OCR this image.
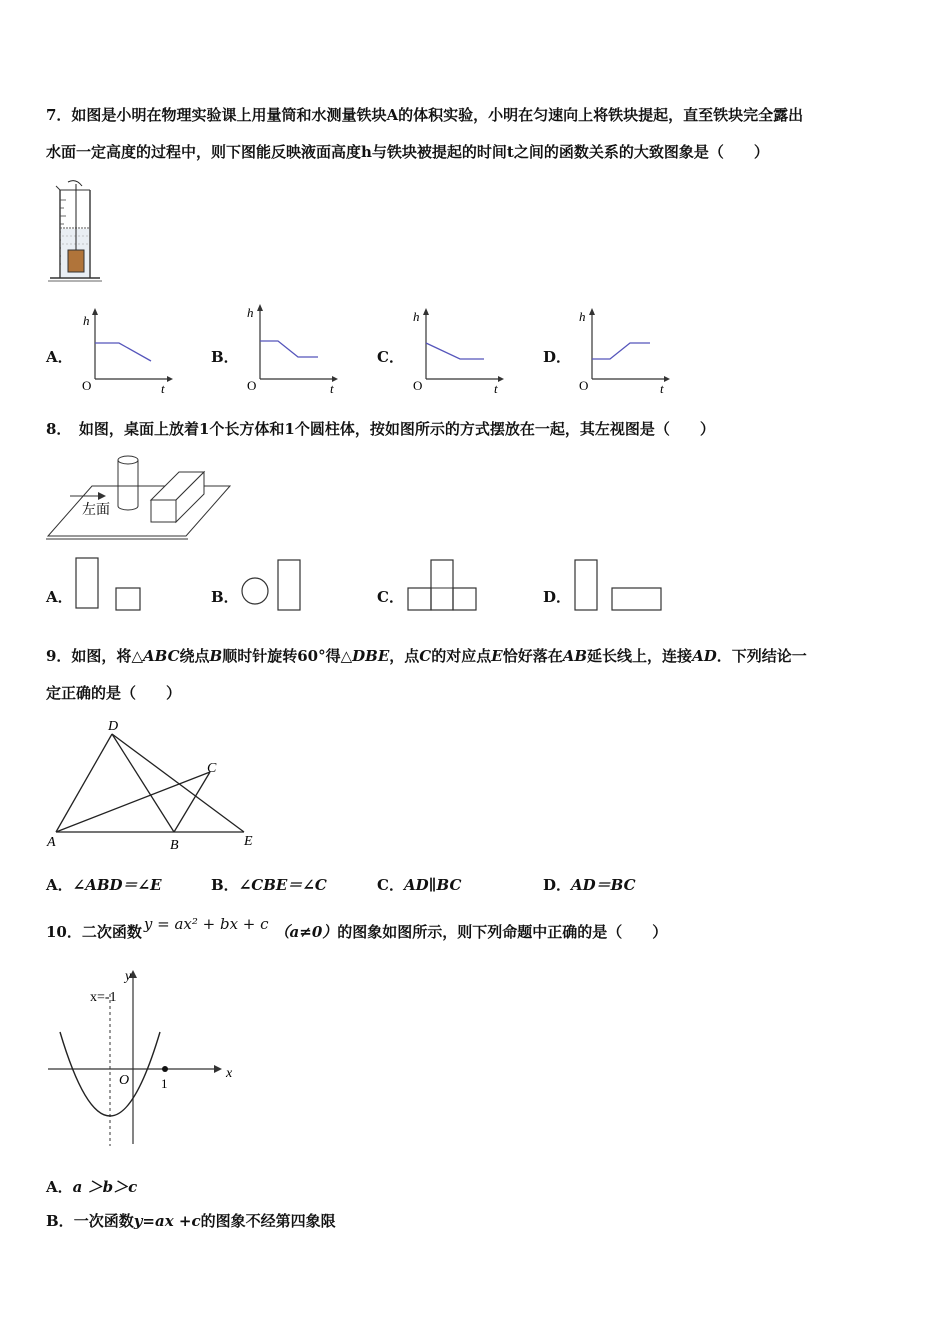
7．如图是小明在物理实验课上用量筒和水测量铁块A的体积实验，小明在匀速向上将铁块提起，直至铁块完全露出
水面一定高度的过程中，则下图能反映液面高度h与铁块被提起的时间t之间的函数关系的大致图象是（　　）
A．	B．	C．	D．
h
O	t
h
O	t
h
O	t
h
O	t
8．　如图，桌面上放着1个长方体和1个圆柱体，按如图所示的方式摆放在一起，其左视图是（　　）
左面
A．	B．	C．	D．
9．如图，将△ABC绕点B顺时针旋转60°得△DBE，点C的对应点E恰好落在AB延长线上，连接AD．下列结论一
定正确的是（　　）
A	B
C
D
E
A．∠ABD＝∠E	B．∠CBE＝∠C	C．AD∥BC	D．AD＝BC
10．二次函数 y = ax² + bx + c （a≠0）的图象如图所示，则下列命题中正确的是（　　）
x=-1
x
y
O 1
A．a ＞b＞c
B．一次函数y=ax +c的图象不经第四象限
